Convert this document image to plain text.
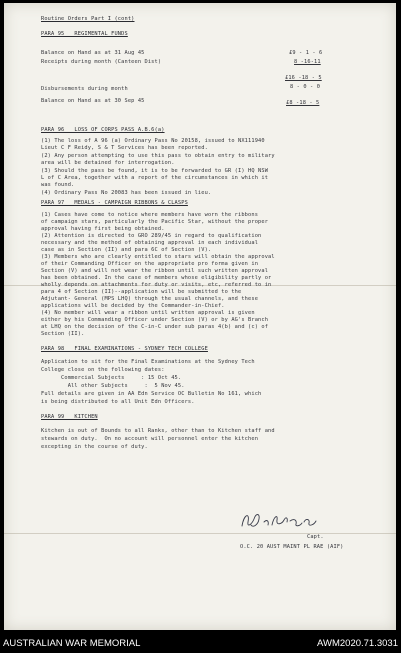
Routine Orders Part I (cont)
PARA 95   REGIMENTAL FUNDS
Balance on Hand as at 31 Aug 45
Receipts during month (Canteen Dist)
Disbursements during month
Balance on Hand as at 30 Sep 45
£9 - 1 - 6
8 -16-11
£16 -18 - 5
8 - 0 - 0
£8 -18 - 5
PARA 96   LOSS OF CORPS PASS A.B.6(a)
(1) The loss of A 96 (a) Ordinary Pass No 20158, issued to NX111940
Lieut C F Reidy, S & T Services has been reported.
(2) Any person attempting to use this pass to obtain entry to military
area will be detained for interrogation.
(3) Should the pass be found, it is to be forwarded to GR (I) HQ NSW
L of C Area, together with a report of the circumstances in which it
was found.
(4) Ordinary Pass No 20083 has been issued in lieu.
PARA 97   MEDALS - CAMPAIGN RIBBONS & CLASPS
(1) Cases have come to notice where members have worn the ribbons
of campaign stars, particularly the Pacific Star, without the proper
approval having first being obtained.
(2) Attention is directed to GRO 289/45 in regard to qualification
necessary and the method of obtaining approval in each individual
case as in Section (II) and para 6C of Section (V).
(3) Members who are clearly entitled to stars will obtain the approval
of their Commanding Officer on the appropriate pro forma given in
Section (V) and will not wear the ribbon until such written approval
has been obtained. In the case of members whose eligibility partly or
wholly depends on attachments for duty or visits, etc, referred to in
para 4 of Section (II)--application will be submitted to the
Adjutant- General (MPS LHQ) through the usual channels, and these
applications will be decided by the Commander-in-Chief.
(4) No member will wear a ribbon until written approval is given
either by his Commanding Officer under Section (V) or by AG's Branch
at LHQ on the decision of the C-in-C under sub paras 4(b) and (c) of
Section (II).
PARA 98   FINAL EXAMINATIONS - SYDNEY TECH COLLEGE
Application to sit for the Final Examinations at the Sydney Tech
College close on the following dates:
Commercial Subjects     : 15 Oct 45.
All other Subjects     :  5 Nov 45.
Full details are given in AA Edn Service OC Bulletin No 161, which
is being distributed to all Unit Edn Officers.
PARA 99   KITCHEN
Kitchen is out of Bounds to all Ranks, other than to Kitchen staff and
stewards on duty.  On no account will personnel enter the kitchen
excepting in the course of duty.
Capt.
O.C. 20 AUST MAINT PL RAE (AIF)
AUSTRALIAN WAR MEMORIAL	AWM2020.71.3031
